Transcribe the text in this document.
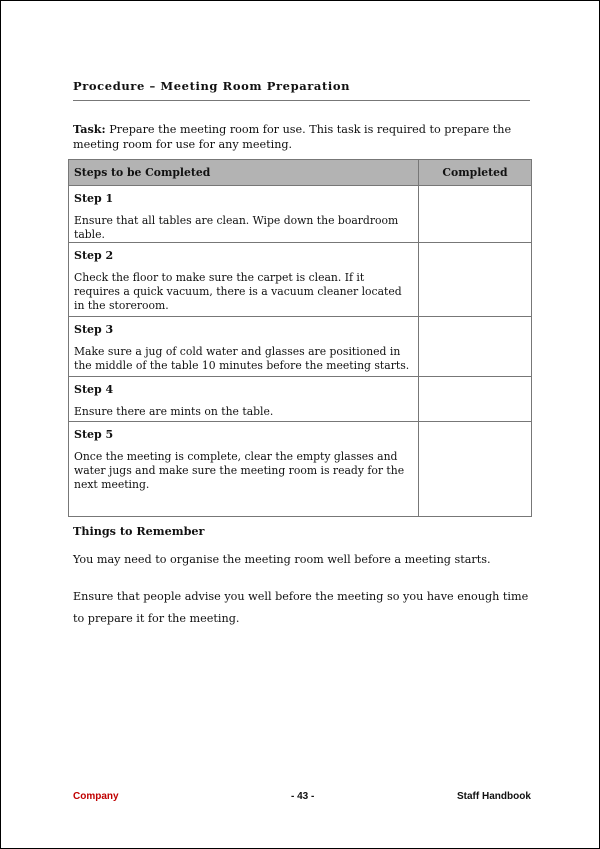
Procedure – Meeting Room Preparation
Task: Prepare the meeting room for use. This task is required to prepare the meeting room for use for any meeting.
Steps to be Completed	Completed

Step 1
Ensure that all tables are clean. Wipe down the boardroom table.	

Step 2
Check the floor to make sure the carpet is clean. If it requires a quick vacuum, there is a vacuum cleaner located in the storeroom.	

Step 3
Make sure a jug of cold water and glasses are positioned in the middle of the table 10 minutes before the meeting starts.	

Step 4
Ensure there are mints on the table.	

Step 5
Once the meeting is complete, clear the empty glasses and water jugs and make sure the meeting room is ready for the next meeting.	

Things to Remember
You may need to organise the meeting room well before a meeting starts.
Ensure that people advise you well before the meeting so you have enough time to prepare it for the meeting.
Company	- 43 -	Staff Handbook
